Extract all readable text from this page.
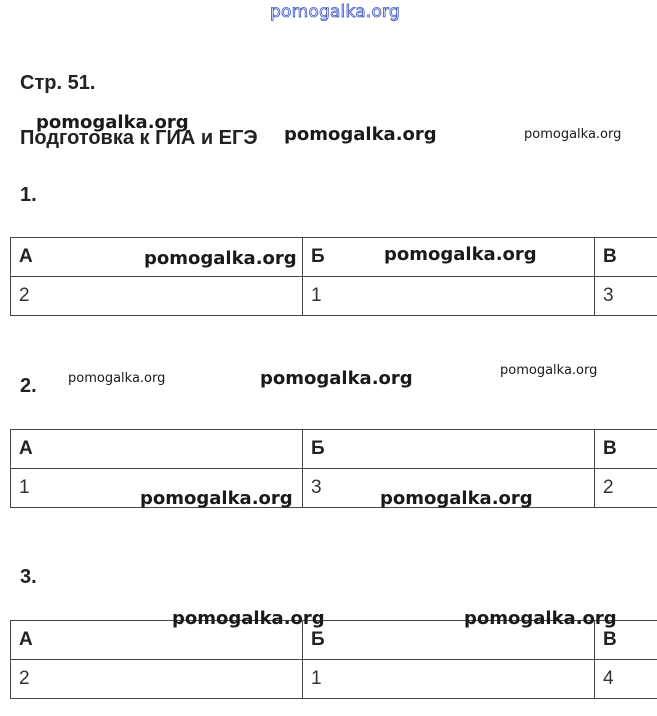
pomogalka.org
Стр. 51.
Подготовка к ГИА и ЕГЭ
1.
А	Б	В
2	1	3
2.
А	Б	В
1	3	2
3.
А	Б	В
2	1	4
pomogalka.org
pomogalka.org	pomogalka.org
pomogalka.org	pomogalka.org
pomogalka.org	pomogalka.org	pomogalka.org
pomogalka.org	pomogalka.org
pomogalka.org	pomogalka.org
